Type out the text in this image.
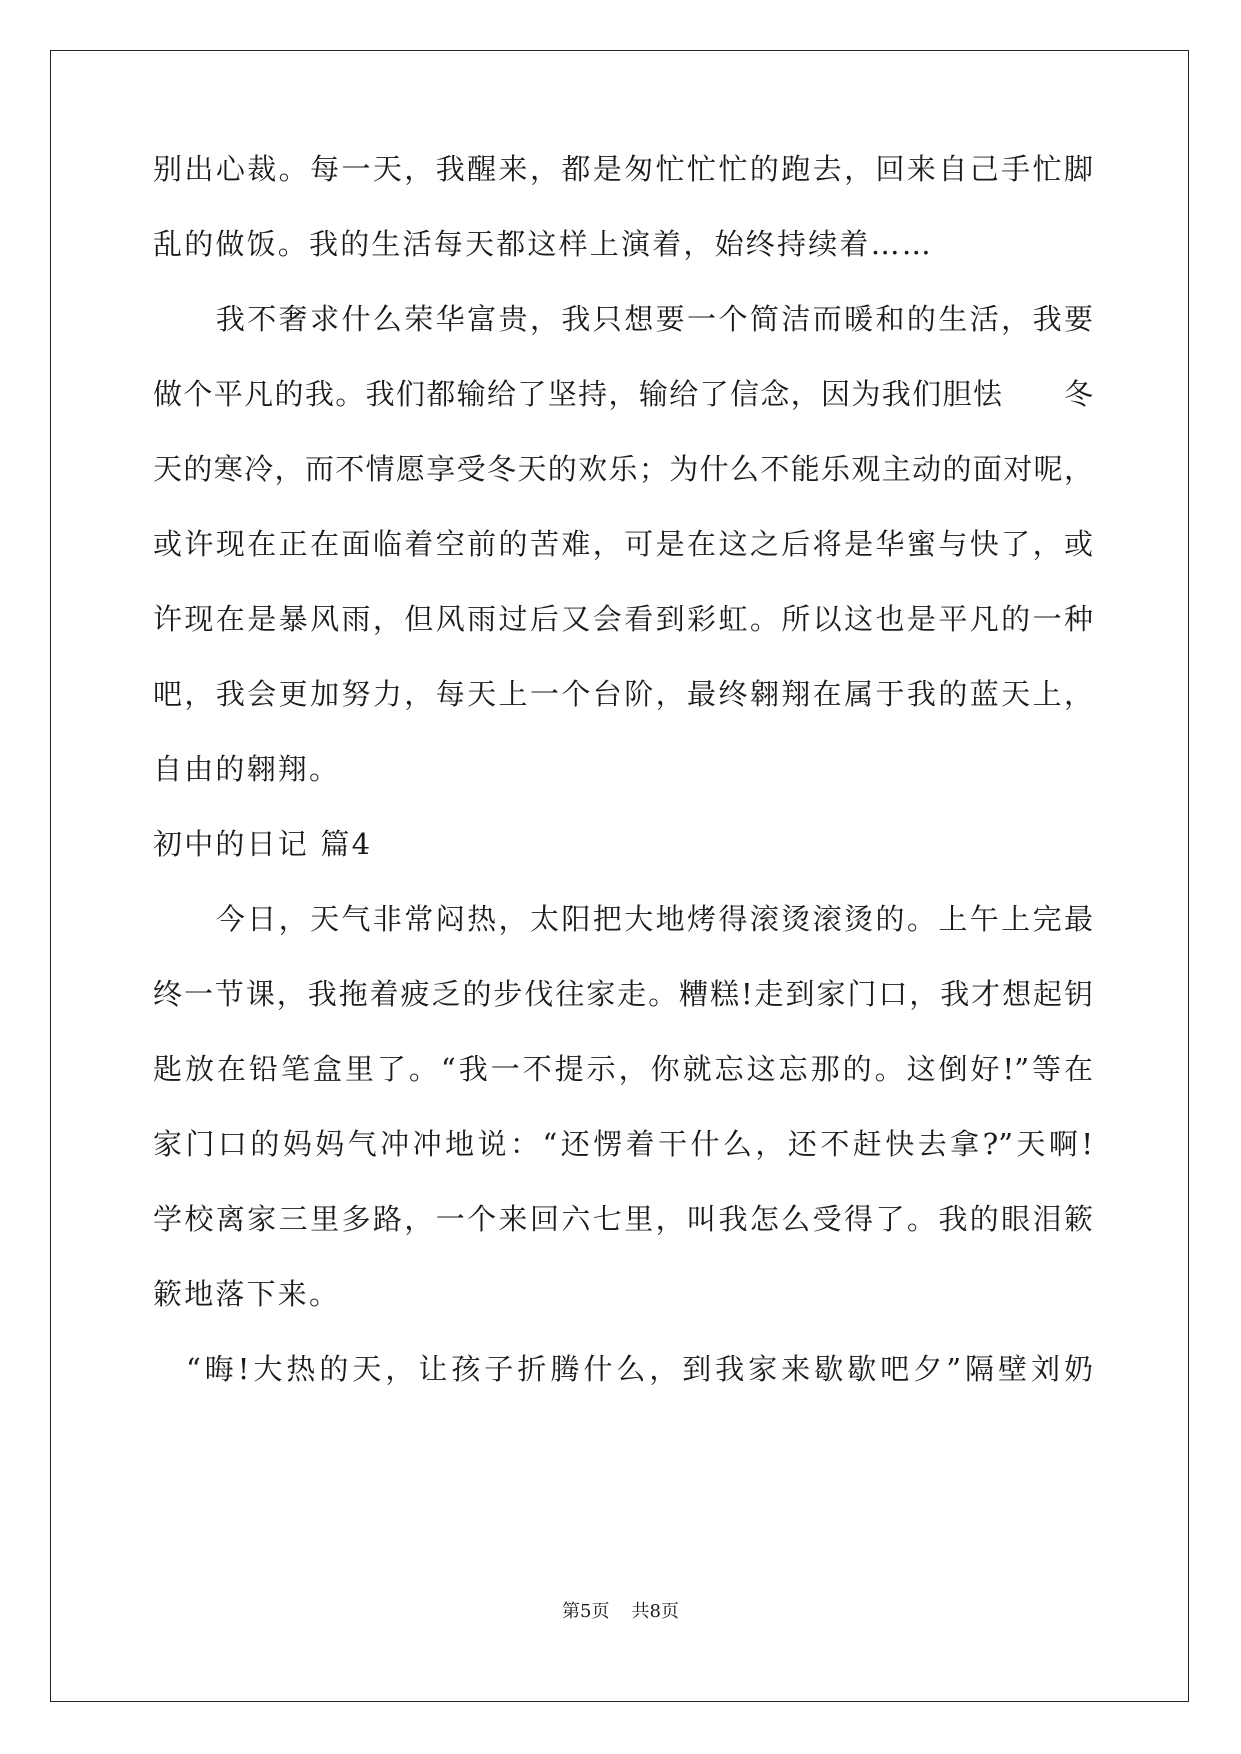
别出心裁。每一天，我醒来，都是匆忙忙忙的跑去，回来自己手忙脚
乱的做饭。我的生活每天都这样上演着，始终持续着……
　　我不奢求什么荣华富贵，我只想要一个简洁而暖和的生活，我要
做个平凡的我。我们都输给了坚持，输给了信念，因为我们胆怯　　冬
天的寒冷，而不情愿享受冬天的欢乐；为什么不能乐观主动的面对呢，
或许现在正在面临着空前的苦难，可是在这之后将是华蜜与快了，或
许现在是暴风雨，但风雨过后又会看到彩虹。所以这也是平凡的一种
吧，我会更加努力，每天上一个台阶，最终翱翔在属于我的蓝天上，
自由的翱翔。
初中的日记 篇4
　　今日，天气非常闷热，太阳把大地烤得滚烫滚烫的。上午上完最
终一节课，我拖着疲乏的步伐往家走。糟糕!走到家门口，我才想起钥
匙放在铅笔盒里了。“我一不提示，你就忘这忘那的。这倒好!”等在
家门口的妈妈气冲冲地说：“还愣着干什么，还不赶快去拿?”天啊!
学校离家三里多路，一个来回六七里，叫我怎么受得了。我的眼泪簌
簌地落下来。
　“晦!大热的天，让孩子折腾什么，到我家来歇歇吧夕”隔壁刘奶
第5页 共8页
